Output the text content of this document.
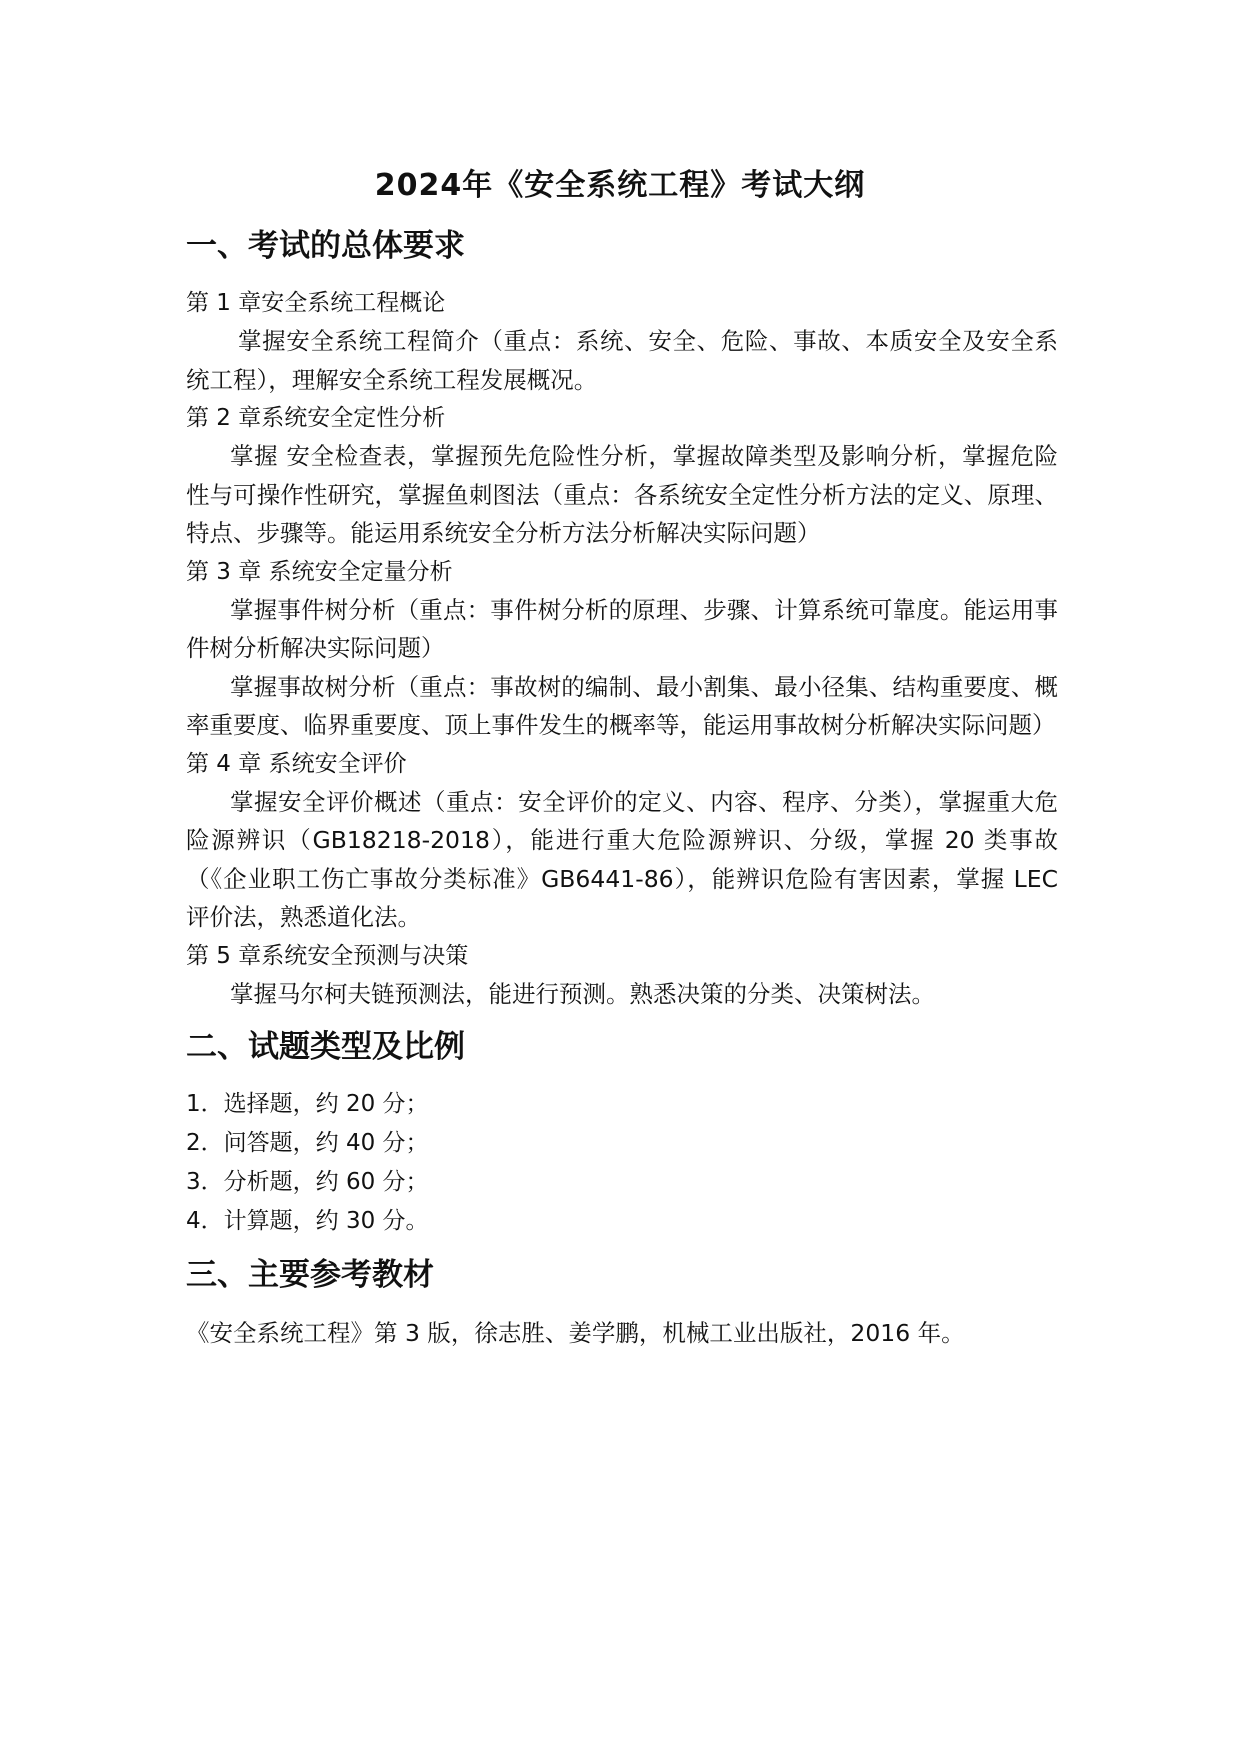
2024年《安全系统工程》考试大纲
一、考试的总体要求

第 1 章安全系统工程概论

掌握安全系统工程简介（重点：系统、安全、危险、事故、本质安全及安全系统工程），理解安全系统工程发展概况。

第 2 章系统安全定性分析

掌握 安全检查表，掌握预先危险性分析，掌握故障类型及影响分析，掌握危险性与可操作性研究，掌握鱼刺图法（重点：各系统安全定性分析方法的定义、原理、特点、步骤等。能运用系统安全分析方法分析解决实际问题）

第 3 章 系统安全定量分析

掌握事件树分析（重点：事件树分析的原理、步骤、计算系统可靠度。能运用事件树分析解决实际问题）

掌握事故树分析（重点：事故树的编制、最小割集、最小径集、结构重要度、概率重要度、临界重要度、顶上事件发生的概率等，能运用事故树分析解决实际问题）

第 4 章 系统安全评价

掌握安全评价概述（重点：安全评价的定义、内容、程序、分类），掌握重大危险源辨识（GB18218-2018），能进行重大危险源辨识、分级，掌握 20 类事故（《企业职工伤亡事故分类标准》GB6441-86），能辨识危险有害因素，掌握 LEC 评价法，熟悉道化法。

第 5 章系统安全预测与决策

掌握马尔柯夫链预测法，能进行预测。熟悉决策的分类、决策树法。

二、试题类型及比例

1．选择题，约 20 分；

2．问答题，约 40 分；

3．分析题，约 60 分；

4．计算题，约 30 分。

三、主要参考教材

《安全系统工程》第 3 版，徐志胜、姜学鹏，机械工业出版社，2016 年。
